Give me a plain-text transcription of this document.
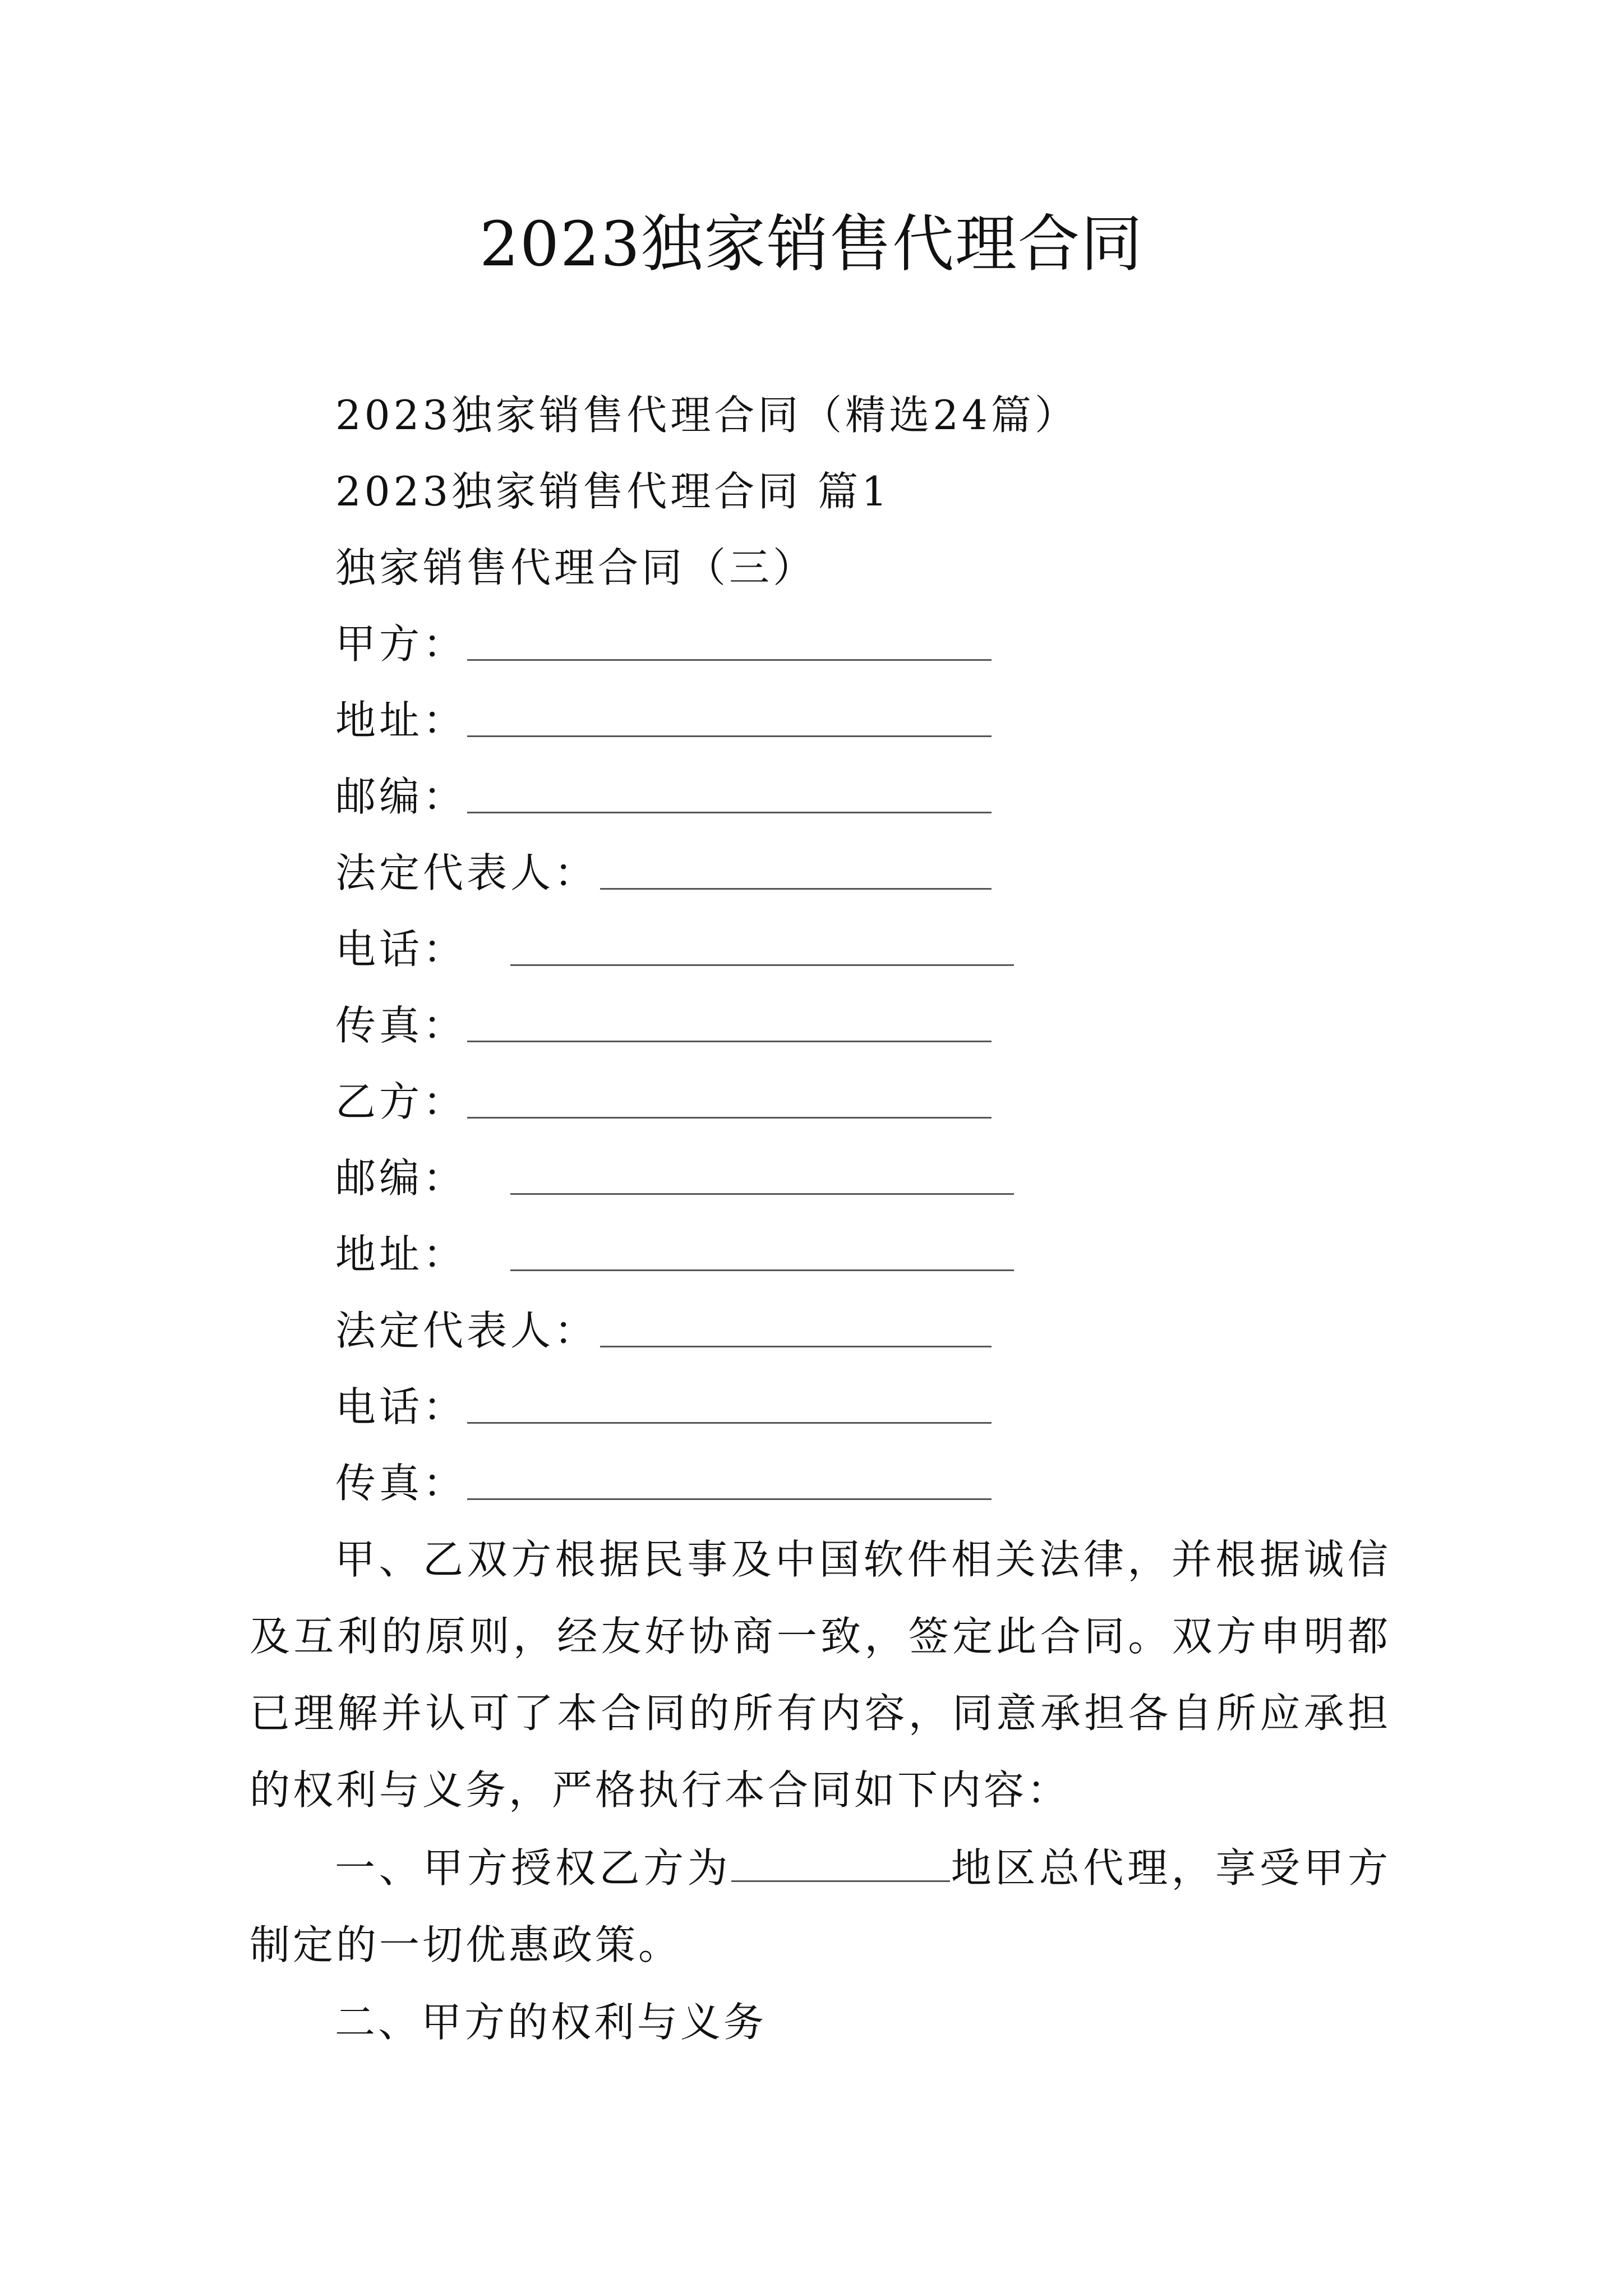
2023独家销售代理合同
2023独家销售代理合同（精选24篇）
2023独家销售代理合同 篇1
独家销售代理合同（三）
甲方：
地址：
邮编：
法定代表人：
电话：
传真：
乙方：
邮编：
地址：
法定代表人：
电话：
传真：

甲、乙双方根据民事及中国软件相关法律，并根据诚信及互利的原则，经友好协商一致，签定此合同。双方申明都已理解并认可了本合同的所有内容，同意承担各自所应承担的权利与义务，严格执行本合同如下内容：

一、甲方授权乙方为	地区总代理，享受甲方制定的一切优惠政策。

二、甲方的权利与义务
